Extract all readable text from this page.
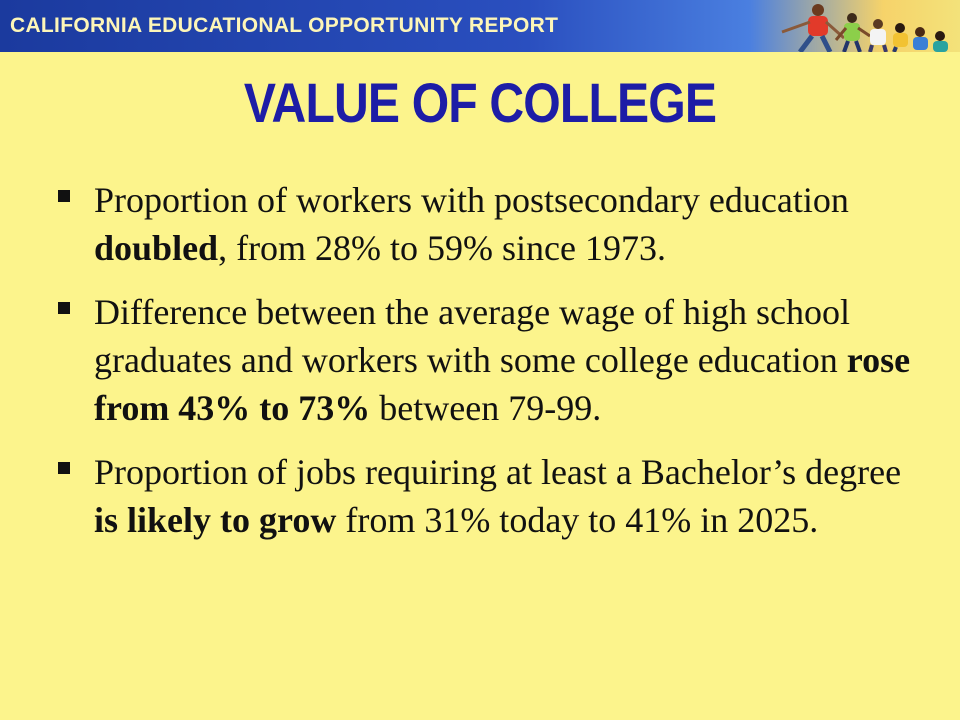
CALIFORNIA EDUCATIONAL OPPORTUNITY REPORT
VALUE OF COLLEGE
Proportion of workers with postsecondary education doubled, from 28% to 59% since 1973.
Difference between the average wage of high school graduates and workers with some college education rose from 43% to 73% between 79-99.
Proportion of jobs requiring at least a Bachelor’s degree is likely to grow from 31% today to 41% in 2025.
